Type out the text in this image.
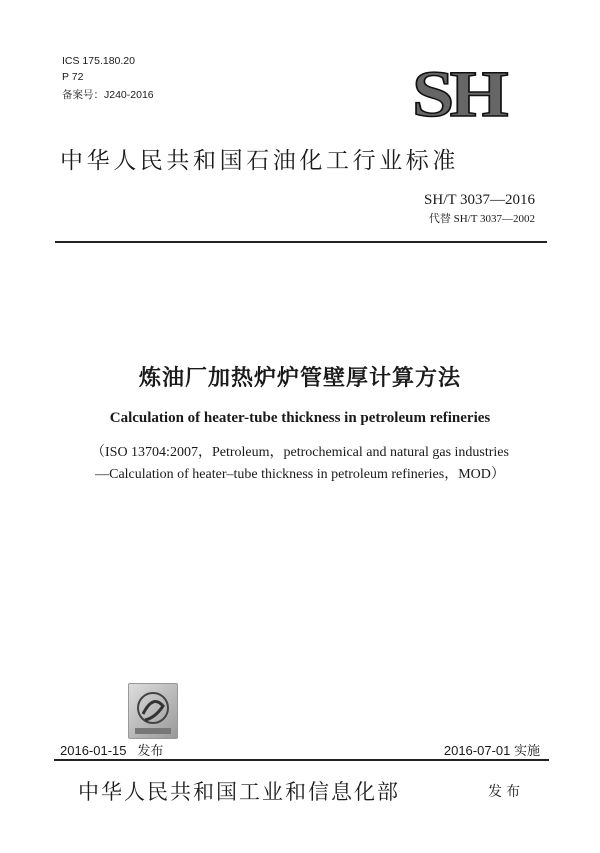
ICS 175.180.20
P 72
备案号：J240-2016	SH
中华人民共和国石油化工行业标准
SH/T 3037—2016
代替 SH/T 3037—2002
炼油厂加热炉炉管壁厚计算方法
Calculation of heater-tube thickness in petroleum refineries
（ISO 13704:2007，Petroleum，petrochemical and natural gas industries
—Calculation of heater–tube thickness in petroleum refineries，MOD）
2016-01-15 发布	2016-07-01 实施
中华人民共和国工业和信息化部	发布
